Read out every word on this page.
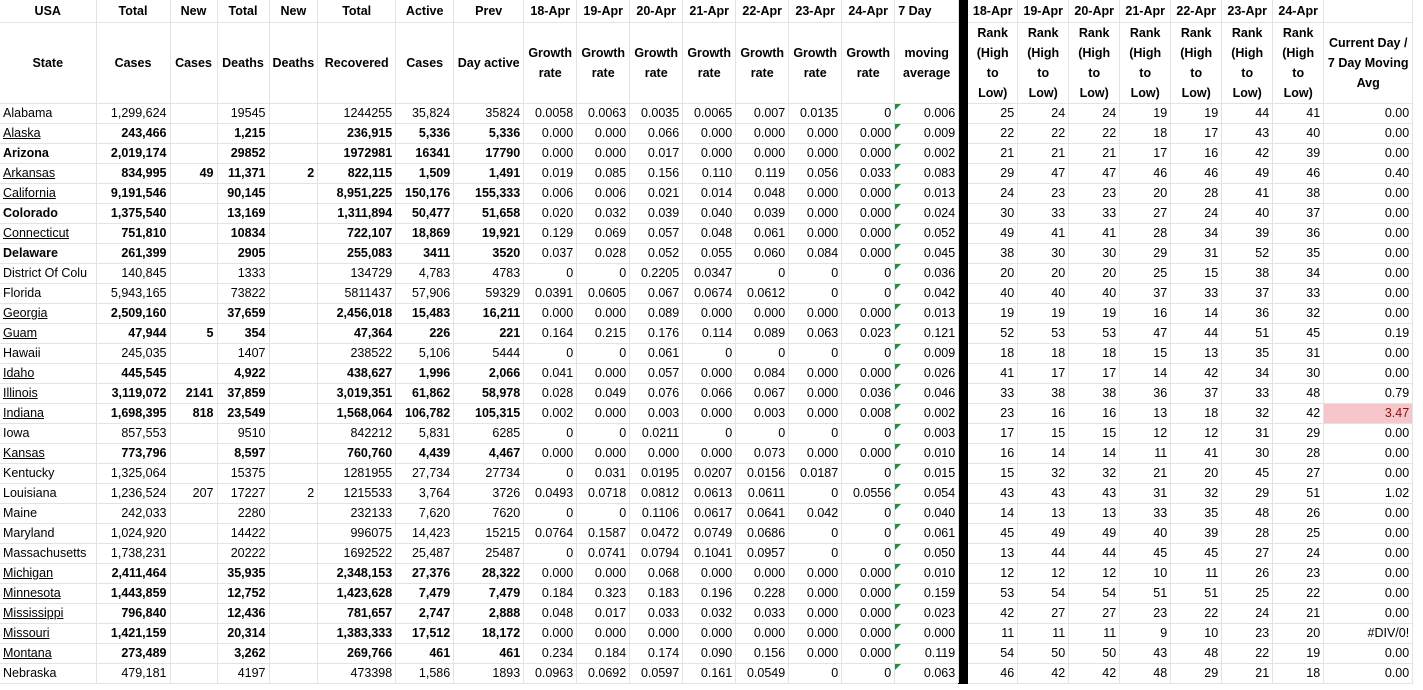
USA	Total	New	Total	New	Total	Active	Prev	18-Apr	19-Apr	20-Apr	21-Apr	22-Apr	23-Apr	24-Apr	7 Day		18-Apr	19-Apr	20-Apr	21-Apr	22-Apr	23-Apr	24-Apr	
State	Cases	Cases	Deaths	Deaths	Recovered	Cases	Day active	Growth rate	Growth rate	Growth rate	Growth rate	Growth rate	Growth rate	Growth rate	moving average		Rank (High to Low)	Rank (High to Low)	Rank (High to Low)	Rank (High to Low)	Rank (High to Low)	Rank (High to Low)	Rank (High to Low)	Current Day / 7 Day Moving Avg
Alabama	1,299,624		19545		1244255	35,824	35824	0.0058	0.0063	0.0035	0.0065	0.007	0.0135	0	0.006		25	24	24	19	19	44	41	0.00
Alaska	243,466		1,215		236,915	5,336	5,336	0.000	0.000	0.066	0.000	0.000	0.000	0.000	0.009		22	22	22	18	17	43	40	0.00
Arizona	2,019,174		29852		1972981	16341	17790	0.000	0.000	0.017	0.000	0.000	0.000	0.000	0.002		21	21	21	17	16	42	39	0.00
Arkansas	834,995	49	11,371	2	822,115	1,509	1,491	0.019	0.085	0.156	0.110	0.119	0.056	0.033	0.083		29	47	47	46	46	49	46	0.40
California	9,191,546		90,145		8,951,225	150,176	155,333	0.006	0.006	0.021	0.014	0.048	0.000	0.000	0.013		24	23	23	20	28	41	38	0.00
Colorado	1,375,540		13,169		1,311,894	50,477	51,658	0.020	0.032	0.039	0.040	0.039	0.000	0.000	0.024		30	33	33	27	24	40	37	0.00
Connecticut	751,810		10834		722,107	18,869	19,921	0.129	0.069	0.057	0.048	0.061	0.000	0.000	0.052		49	41	41	28	34	39	36	0.00
Delaware	261,399		2905		255,083	3411	3520	0.037	0.028	0.052	0.055	0.060	0.084	0.000	0.045		38	30	30	29	31	52	35	0.00
District Of Colu	140,845		1333		134729	4,783	4783	0	0	0.2205	0.0347	0	0	0	0.036		20	20	20	25	15	38	34	0.00
Florida	5,943,165		73822		5811437	57,906	59329	0.0391	0.0605	0.067	0.0674	0.0612	0	0	0.042		40	40	40	37	33	37	33	0.00
Georgia	2,509,160		37,659		2,456,018	15,483	16,211	0.000	0.000	0.089	0.000	0.000	0.000	0.000	0.013		19	19	19	16	14	36	32	0.00
Guam	47,944	5	354		47,364	226	221	0.164	0.215	0.176	0.114	0.089	0.063	0.023	0.121		52	53	53	47	44	51	45	0.19
Hawaii	245,035		1407		238522	5,106	5444	0	0	0.061	0	0	0	0	0.009		18	18	18	15	13	35	31	0.00
Idaho	445,545		4,922		438,627	1,996	2,066	0.041	0.000	0.057	0.000	0.084	0.000	0.000	0.026		41	17	17	14	42	34	30	0.00
Illinois	3,119,072	2141	37,859		3,019,351	61,862	58,978	0.028	0.049	0.076	0.066	0.067	0.000	0.036	0.046		33	38	38	36	37	33	48	0.79
Indiana	1,698,395	818	23,549		1,568,064	106,782	105,315	0.002	0.000	0.003	0.000	0.003	0.000	0.008	0.002		23	16	16	13	18	32	42	3.47
Iowa	857,553		9510		842212	5,831	6285	0	0	0.0211	0	0	0	0	0.003		17	15	15	12	12	31	29	0.00
Kansas	773,796		8,597		760,760	4,439	4,467	0.000	0.000	0.000	0.000	0.073	0.000	0.000	0.010		16	14	14	11	41	30	28	0.00
Kentucky	1,325,064		15375		1281955	27,734	27734	0	0.031	0.0195	0.0207	0.0156	0.0187	0	0.015		15	32	32	21	20	45	27	0.00
Louisiana	1,236,524	207	17227	2	1215533	3,764	3726	0.0493	0.0718	0.0812	0.0613	0.0611	0	0.0556	0.054		43	43	43	31	32	29	51	1.02
Maine	242,033		2280		232133	7,620	7620	0	0	0.1106	0.0617	0.0641	0.042	0	0.040		14	13	13	33	35	48	26	0.00
Maryland	1,024,920		14422		996075	14,423	15215	0.0764	0.1587	0.0472	0.0749	0.0686	0	0	0.061		45	49	49	40	39	28	25	0.00
Massachusetts	1,738,231		20222		1692522	25,487	25487	0	0.0741	0.0794	0.1041	0.0957	0	0	0.050		13	44	44	45	45	27	24	0.00
Michigan	2,411,464		35,935		2,348,153	27,376	28,322	0.000	0.000	0.068	0.000	0.000	0.000	0.000	0.010		12	12	12	10	11	26	23	0.00
Minnesota	1,443,859		12,752		1,423,628	7,479	7,479	0.184	0.323	0.183	0.196	0.228	0.000	0.000	0.159		53	54	54	51	51	25	22	0.00
Mississippi	796,840		12,436		781,657	2,747	2,888	0.048	0.017	0.033	0.032	0.033	0.000	0.000	0.023		42	27	27	23	22	24	21	0.00
Missouri	1,421,159		20,314		1,383,333	17,512	18,172	0.000	0.000	0.000	0.000	0.000	0.000	0.000	0.000		11	11	11	9	10	23	20	#DIV/0!
Montana	273,489		3,262		269,766	461	461	0.234	0.184	0.174	0.090	0.156	0.000	0.000	0.119		54	50	50	43	48	22	19	0.00
Nebraska	479,181		4197		473398	1,586	1893	0.0963	0.0692	0.0597	0.161	0.0549	0	0	0.063		46	42	42	48	29	21	18	0.00
